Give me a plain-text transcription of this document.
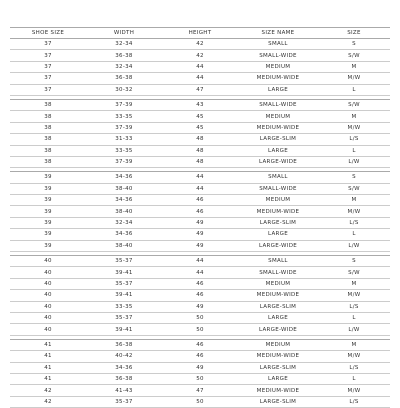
SHOE SIZE	WIDTH	HEIGHT	SIZE NAME	SIZE
37	32-34	42	SMALL	S
37	36-38	42	SMALL-WIDE	S/W
37	32-34	44	MEDIUM	M
37	36-38	44	MEDIUM-WIDE	M/W
37	30-32	47	LARGE	L

38	37-39	43	SMALL-WIDE	S/W
38	33-35	45	MEDIUM	M
38	37-39	45	MEDIUM-WIDE	M/W
38	31-33	48	LARGE-SLIM	L/S
38	33-35	48	LARGE	L
38	37-39	48	LARGE-WIDE	L/W

39	34-36	44	SMALL	S
39	38-40	44	SMALL-WIDE	S/W
39	34-36	46	MEDIUM	M
39	38-40	46	MEDIUM-WIDE	M/W
39	32-34	49	LARGE-SLIM	L/S
39	34-36	49	LARGE	L
39	38-40	49	LARGE-WIDE	L/W

40	35-37	44	SMALL	S
40	39-41	44	SMALL-WIDE	S/W
40	35-37	46	MEDIUM	M
40	39-41	46	MEDIUM-WIDE	M/W
40	33-35	49	LARGE-SLIM	L/S
40	35-37	50	LARGE	L
40	39-41	50	LARGE-WIDE	L/W

41	36-38	46	MEDIUM	M
41	40-42	46	MEDIUM-WIDE	M/W
41	34-36	49	LARGE-SLIM	L/S
41	36-38	50	LARGE	L
42	41-43	47	MEDIUM-WIDE	M/W
42	35-37	50	LARGE-SLIM	L/S
